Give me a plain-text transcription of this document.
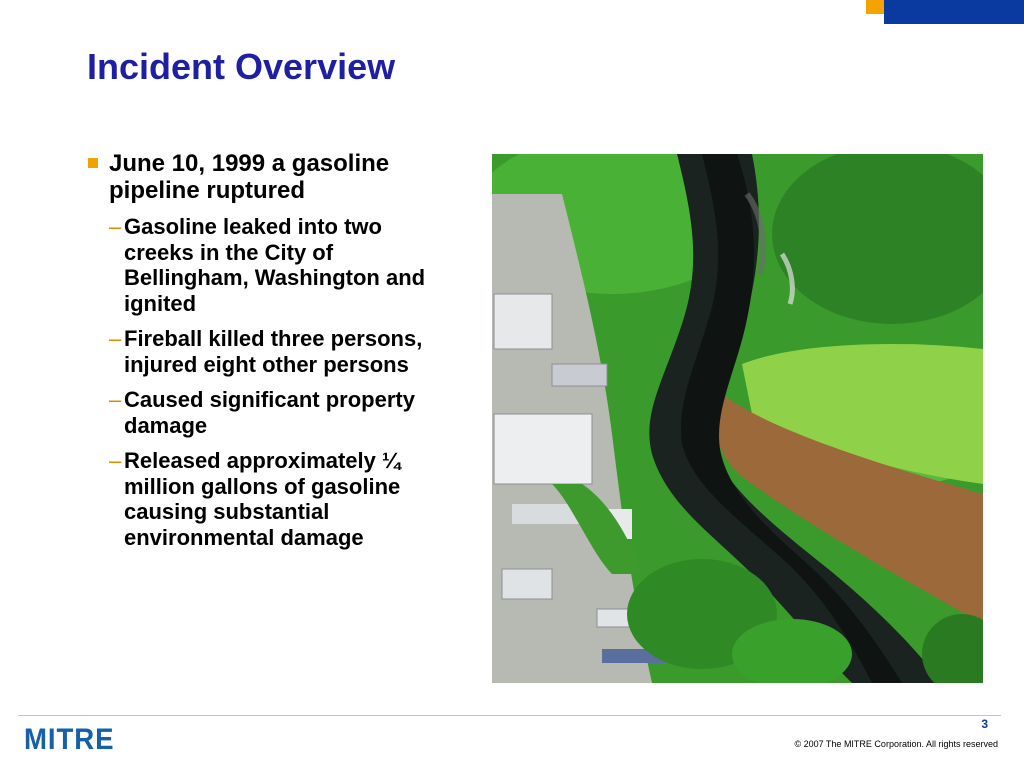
Incident Overview
June 10, 1999 a gasoline pipeline ruptured
– Gasoline leaked into two creeks in the City of Bellingham, Washington and ignited
– Fireball killed three persons, injured eight other persons
– Caused significant property damage
– Released approximately ¼ million gallons of gasoline causing substantial environmental damage
MITRE	3
© 2007 The MITRE Corporation. All rights reserved
